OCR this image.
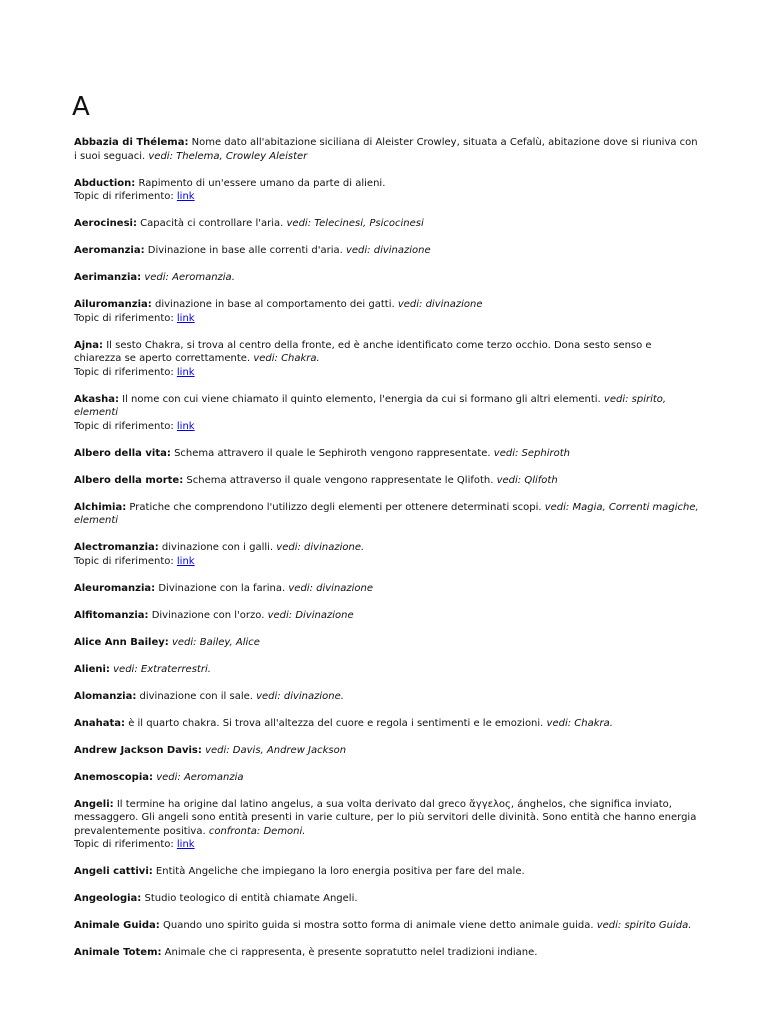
A

Abbazia di Thélema: Nome dato all'abitazione siciliana di Aleister Crowley, situata a Cefalù, abitazione dove si riuniva con i suoi seguaci. vedi: Thelema, Crowley Aleister

Abduction: Rapimento di un'essere umano da parte di alieni.
Topic di riferimento: link

Aerocinesi: Capacità ci controllare l'aria. vedi: Telecinesi, Psicocinesi

Aeromanzia: Divinazione in base alle correnti d'aria. vedi: divinazione

Aerimanzia: vedi: Aeromanzia.

Ailuromanzia: divinazione in base al comportamento dei gatti. vedi: divinazione
Topic di riferimento: link

Ajna: Il sesto Chakra, si trova al centro della fronte, ed è anche identificato come terzo occhio. Dona sesto senso e chiarezza se aperto correttamente. vedi: Chakra.
Topic di riferimento: link

Akasha: Il nome con cui viene chiamato il quinto elemento, l'energia da cui si formano gli altri elementi. vedi: spirito, elementi
Topic di riferimento: link

Albero della vita: Schema attravero il quale le Sephiroth vengono rappresentate. vedi: Sephiroth

Albero della morte: Schema attraverso il quale vengono rappresentate le Qlifoth. vedi: Qlifoth

Alchimia: Pratiche che comprendono l'utilizzo degli elementi per ottenere determinati scopi. vedi: Magia, Correnti magiche, elementi

Alectromanzia: divinazione con i galli. vedi: divinazione.
Topic di riferimento: link

Aleuromanzia: Divinazione con la farina. vedi: divinazione

Alfitomanzia: Divinazione con l'orzo. vedi: Divinazione

Alice Ann Bailey: vedi: Bailey, Alice

Alieni: vedi: Extraterrestri.

Alomanzia: divinazione con il sale. vedi: divinazione.

Anahata: è il quarto chakra. Si trova all'altezza del cuore e regola i sentimenti e le emozioni. vedi: Chakra.

Andrew Jackson Davis: vedi: Davis, Andrew Jackson

Anemoscopia: vedi: Aeromanzia

Angeli: Il termine ha origine dal latino angelus, a sua volta derivato dal greco ἄγγελος, ánghelos, che significa inviato, messaggero. Gli angeli sono entità presenti in varie culture, per lo più servitori delle divinità. Sono entità che hanno energia prevalentemente positiva. confronta: Demoni.
Topic di riferimento: link

Angeli cattivi: Entità Angeliche che impiegano la loro energia positiva per fare del male.

Angeologia: Studio teologico di entità chiamate Angeli.

Animale Guida: Quando uno spirito guida si mostra sotto forma di animale viene detto animale guida. vedi: spirito Guida.

Animale Totem: Animale che ci rappresenta, è presente sopratutto nelel tradizioni indiane.
